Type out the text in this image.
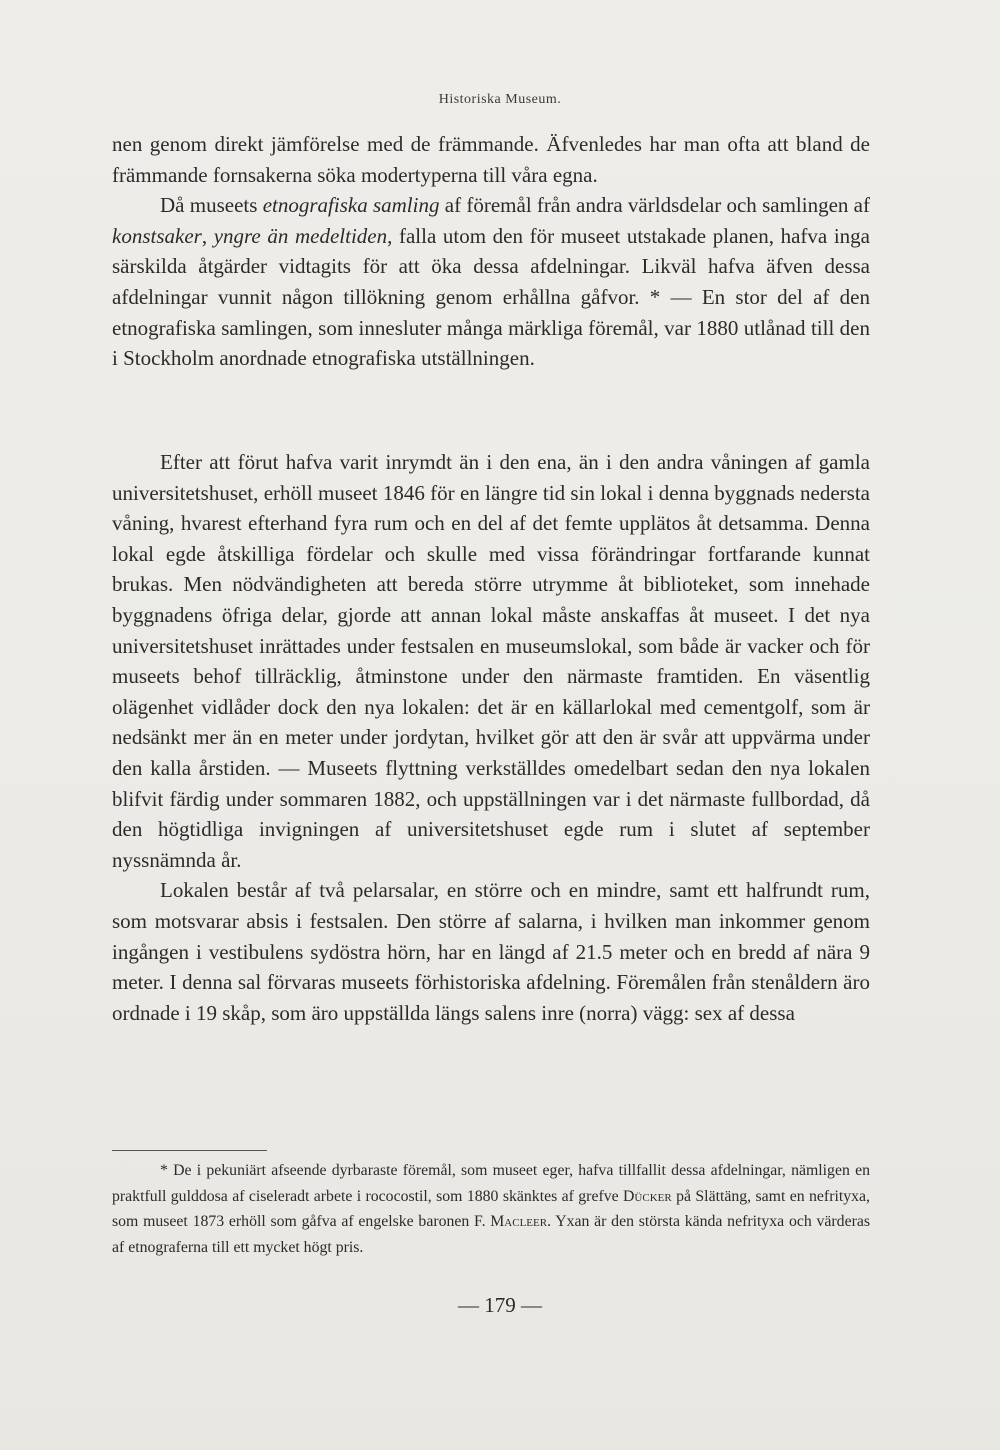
Historiska Museum.

nen genom direkt jämförelse med de främmande. Äfvenledes har man ofta att bland de främmande fornsakerna söka modertyperna till våra egna.

Då museets etnografiska samling af föremål från andra världsdelar och samlingen af konstsaker, yngre än medeltiden, falla utom den för museet utstakade planen, hafva inga särskilda åtgärder vidtagits för att öka dessa afdelningar. Likväl hafva äfven dessa afdelningar vunnit någon tillökning genom erhållna gåfvor. * — En stor del af den etnografiska samlingen, som innesluter många märkliga föremål, var 1880 utlånad till den i Stockholm anordnade etnografiska utställningen.

Efter att förut hafva varit inrymdt än i den ena, än i den andra våningen af gamla universitetshuset, erhöll museet 1846 för en längre tid sin lokal i denna byggnads nedersta våning, hvarest efterhand fyra rum och en del af det femte upplätos åt detsamma. Denna lokal egde åtskilliga fördelar och skulle med vissa förändringar fortfarande kunnat brukas. Men nödvändigheten att bereda större utrymme åt biblioteket, som innehade byggnadens öfriga delar, gjorde att annan lokal måste anskaffas åt museet. I det nya universitetshuset inrättades under festsalen en museumslokal, som både är vacker och för museets behof tillräcklig, åtminstone under den närmaste framtiden. En väsentlig olägenhet vidlåder dock den nya lokalen: det är en källarlokal med cementgolf, som är nedsänkt mer än en meter under jordytan, hvilket gör att den är svår att uppvärma under den kalla årstiden. — Museets flyttning verkställdes omedelbart sedan den nya lokalen blifvit färdig under sommaren 1882, och uppställningen var i det närmaste fullbordad, då den högtidliga invigningen af universitetshuset egde rum i slutet af september nyssnämnda år.

Lokalen består af två pelarsalar, en större och en mindre, samt ett halfrundt rum, som motsvarar absis i festsalen. Den större af salarna, i hvilken man inkommer genom ingången i vestibulens sydöstra hörn, har en längd af 21.5 meter och en bredd af nära 9 meter. I denna sal förvaras museets förhistoriska afdelning. Föremålen från stenåldern äro ordnade i 19 skåp, som äro uppställda längs salens inre (norra) vägg: sex af dessa

* De i pekuniärt afseende dyrbaraste föremål, som museet eger, hafva tillfallit dessa afdelningar, nämligen en praktfull gulddosa af ciseleradt arbete i rococostil, som 1880 skänktes af grefve Dücker på Slättäng, samt en nefrityxa, som museet 1873 erhöll som gåfva af engelske baronen F. Macleer. Yxan är den största kända nefrityxa och värderas af etnograferna till ett mycket högt pris.

— 179 —
